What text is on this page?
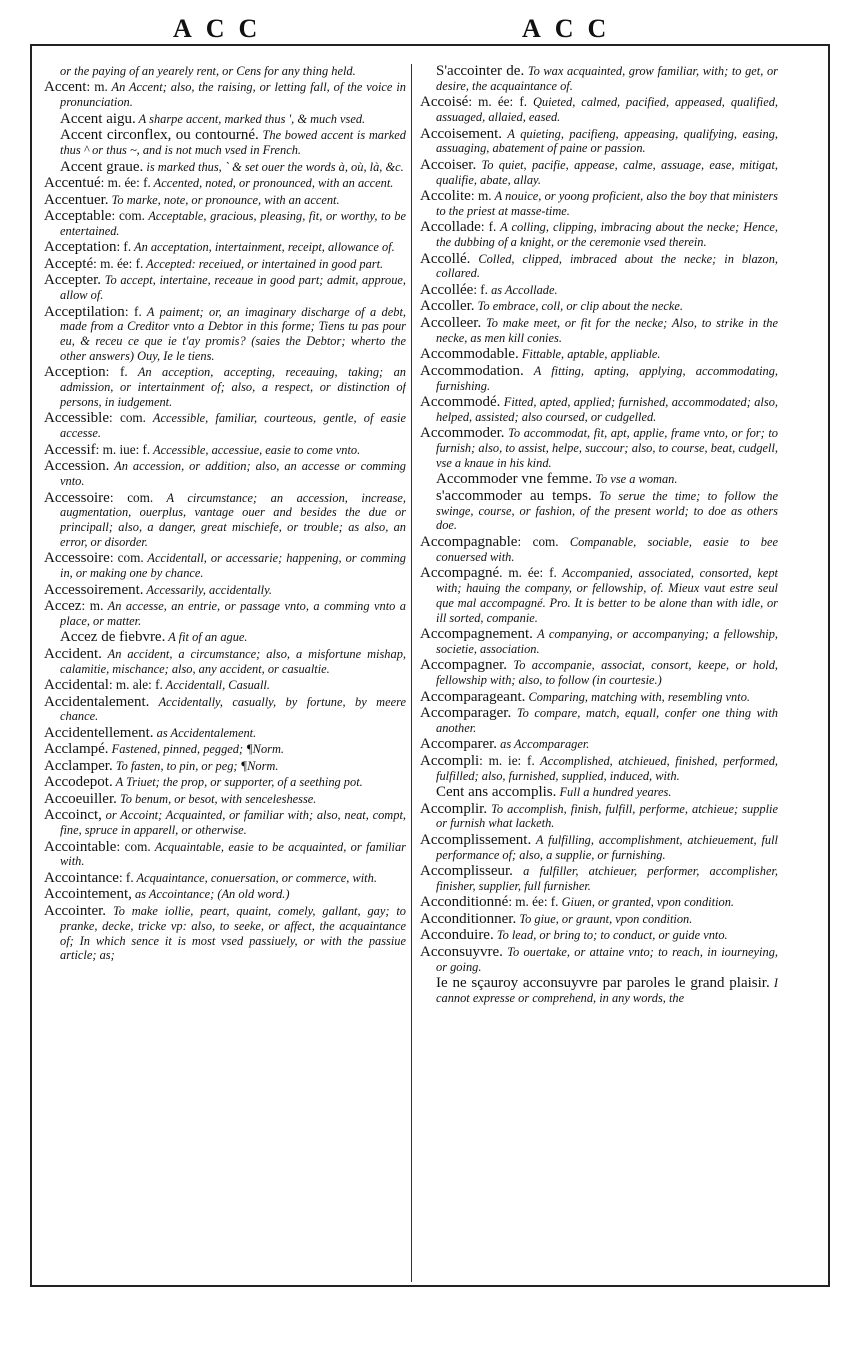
ACC	ACC

or the paying of an yearely rent, or Cens for any thing held.

Accent: m. An Accent; also, the raising, or letting fall, of the voice in pronunciation.

Accent aigu. A sharpe accent, marked thus ', & much vsed.

Accent circonflex, ou contourné. The bowed accent is marked thus ^ or thus ~, and is not much vsed in French.

Accent graue. is marked thus, ` & set ouer the words à, où, là, &c.

Accentué: m. ée: f. Accented, noted, or pronounced, with an accent.

Accentuer. To marke, note, or pronounce, with an accent.

Acceptable: com. Acceptable, gracious, pleasing, fit, or worthy, to be entertained.

Acceptation: f. An acceptation, intertainment, receipt, allowance of.

Accepté: m. ée: f. Accepted: receiued, or intertained in good part.

Accepter. To accept, intertaine, receaue in good part; admit, approue, allow of.

Acceptilation: f. A paiment; or, an imaginary discharge of a debt, made from a Creditor vnto a Debtor in this forme; Tiens tu pas pour eu, & receu ce que ie t'ay promis? (saies the Debtor; wherto the other answers) Ouy, Ie le tiens.

Acception: f. An acception, accepting, receauing, taking; an admission, or intertainment of; also, a respect, or distinction of persons, in iudgement.

Accessible: com. Accessible, familiar, courteous, gentle, of easie accesse.

Accessif: m. iue: f. Accessible, accessiue, easie to come vnto.

Accession. An accession, or addition; also, an accesse or comming vnto.

Accessoire: com. A circumstance; an accession, increase, augmentation, ouerplus, vantage ouer and besides the due or principall; also, a danger, great mischiefe, or trouble; as also, an error, or disorder.

Accessoire: com. Accidentall, or accessarie; happening, or comming in, or making one by chance.

Accessoirement. Accessarily, accidentally.

Accez: m. An accesse, an entrie, or passage vnto, a comming vnto a place, or matter.

Accez de fiebvre. A fit of an ague.

Accident. An accident, a circumstance; also, a misfortune mishap, calamitie, mischance; also, any accident, or casualtie.

Accidental: m. ale: f. Accidentall, Casuall.

Accidentalement. Accidentally, casually, by fortune, by meere chance.

Accidentellement. as Accidentalement.

Acclampé. Fastened, pinned, pegged; ¶Norm.

Acclamper. To fasten, to pin, or peg; ¶Norm.

Accodepot. A Triuet; the prop, or supporter, of a seething pot.

Accoeuiller. To benum, or besot, with senceleshesse.

Accoinct, or Accoint; Acquainted, or familiar with; also, neat, compt, fine, spruce in apparell, or otherwise.

Accointable: com. Acquaintable, easie to be acquainted, or familiar with.

Accointance: f. Acquaintance, conuersation, or commerce, with.

Accointement, as Accointance; (An old word.)

Accointer. To make iollie, peart, quaint, comely, gallant, gay; to pranke, decke, tricke vp: also, to seeke, or affect, the acquaintance of; In which sence it is most vsed passiuely, or with the passiue article; as;

S'accointer de. To wax acquainted, grow familiar, with; to get, or desire, the acquaintance of.

Accoisé: m. ée: f. Quieted, calmed, pacified, appeased, qualified, assuaged, allaied, eased.

Accoisement. A quieting, pacifieng, appeasing, qualifying, easing, assuaging, abatement of paine or passion.

Accoiser. To quiet, pacifie, appease, calme, assuage, ease, mitigat, qualifie, abate, allay.

Accolite: m. A nouice, or yoong proficient, also the boy that ministers to the priest at masse-time.

Accollade: f. A colling, clipping, imbracing about the necke; Hence, the dubbing of a knight, or the ceremonie vsed therein.

Accollé. Colled, clipped, imbraced about the necke; in blazon, collared.

Accollée: f. as Accollade.

Accoller. To embrace, coll, or clip about the necke.

Accolleer. To make meet, or fit for the necke; Also, to strike in the necke, as men kill conies.

Accommodable. Fittable, aptable, appliable.

Accommodation. A fitting, apting, applying, accommodating, furnishing.

Accommodé. Fitted, apted, applied; furnished, accommodated; also, helped, assisted; also coursed, or cudgelled.

Accommoder. To accommodat, fit, apt, applie, frame vnto, or for; to furnish; also, to assist, helpe, succour; also, to course, beat, cudgell, vse a knaue in his kind.

Accommoder vne femme. To vse a woman.

s'accommoder au temps. To serue the time; to follow the swinge, course, or fashion, of the present world; to doe as others doe.

Accompagnable: com. Companable, sociable, easie to bee conuersed with.

Accompagné. m. ée: f. Accompanied, associated, consorted, kept with; hauing the company, or fellowship, of. Mieux vaut estre seul que mal accompagné. Pro. It is better to be alone than with idle, or ill sorted, companie.

Accompagnement. A companying, or accompanying; a fellowship, societie, association.

Accompagner. To accompanie, associat, consort, keepe, or hold, fellowship with; also, to follow (in courtesie.)

Accomparageant. Comparing, matching with, resembling vnto.

Accomparager. To compare, match, equall, confer one thing with another.

Accomparer. as Accomparager.

Accompli: m. ie: f. Accomplished, atchieued, finished, performed, fulfilled; also, furnished, supplied, induced, with.

Cent ans accomplis. Full a hundred yeares.

Accomplir. To accomplish, finish, fulfill, performe, atchieue; supplie or furnish what lacketh.

Accomplissement. A fulfilling, accomplishment, atchieuement, full performance of; also, a supplie, or furnishing.

Accomplisseur. a fulfiller, atchieuer, performer, accomplisher, finisher, supplier, full furnisher.

Acconditionné: m. ée: f. Giuen, or granted, vpon condition.

Acconditionner. To giue, or graunt, vpon condition.

Acconduire. To lead, or bring to; to conduct, or guide vnto.

Acconsuyvre. To ouertake, or attaine vnto; to reach, in iourneying, or going.

Ie ne sçauroy acconsuyvre par paroles le grand plaisir. I cannot expresse or comprehend, in any words, the
